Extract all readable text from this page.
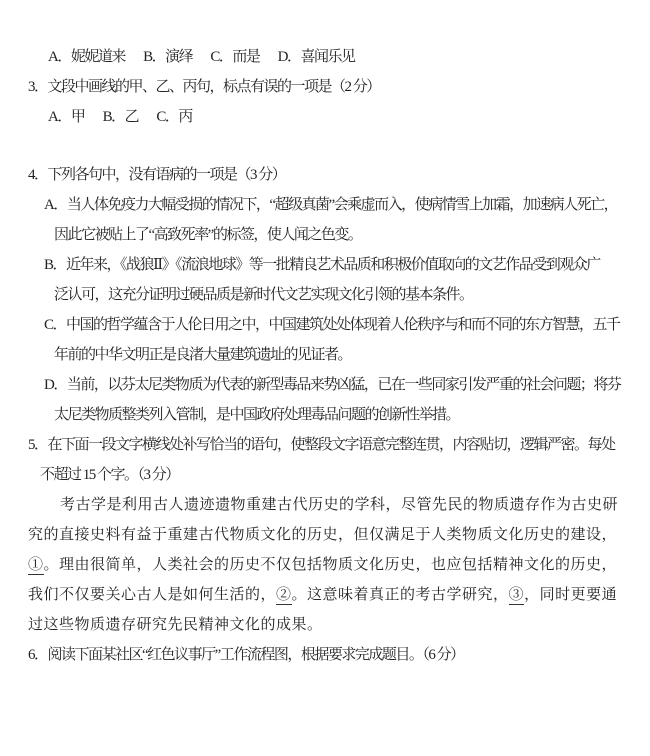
A．妮妮道来 B．演绎 C．而是 D．喜闻乐见
3．文段中画线的甲、乙、丙句，标点有误的一项是（2 分）
A．甲 B．乙 C．丙
4．下列各句中，没有语病的一项是（3 分）
A．当人体免疫力大幅受损的情况下，“超级真菌”会乘虚而入，使病情雪上加霜，加速病人死亡，
因此它被贴上了“高致死率”的标签，使人闻之色变。
B．近年来，《战狼Ⅱ》《流浪地球》等一批精良艺术品质和积极价值取向的文艺作品受到观众广
泛认可，这充分证明过硬品质是新时代文艺实现文化引领的基本条件。
C．中国的哲学蕴含于人伦日用之中，中国建筑处处体现着人伦秩序与和而不同的东方智慧，五千
年前的中华文明正是良渚大量建筑遗址的见证者。
D．当前，以芬太尼类物质为代表的新型毒品来势凶猛，已在一些同家引发严重的社会问题；将芬
太尼类物质整类列入管制，是中国政府处理毒品问题的创新性举措。
5．在下面一段文字横线处补写恰当的语句，使整段文字语意完整连贯，内容贴切，逻辑严密。每处
不超过 15 个字。（3 分）
考古学是利用古人遗迹遗物重建古代历史的学科，尽管先民的物质遗存作为古史研
究的直接史料有益于重建古代物质文化的历史，但仅满足于人类物质文化历史的建设，
①。理由很简单，人类社会的历史不仅包括物质文化历史，也应包括精神文化的历史，
我们不仅要关心古人是如何生活的，②。这意味着真正的考古学研究，③，同时更要通
过这些物质遗存研究先民精神文化的成果。
6．阅读下面某社区“红色议事厅”工作流程图，根据要求完成题目。（6 分）
